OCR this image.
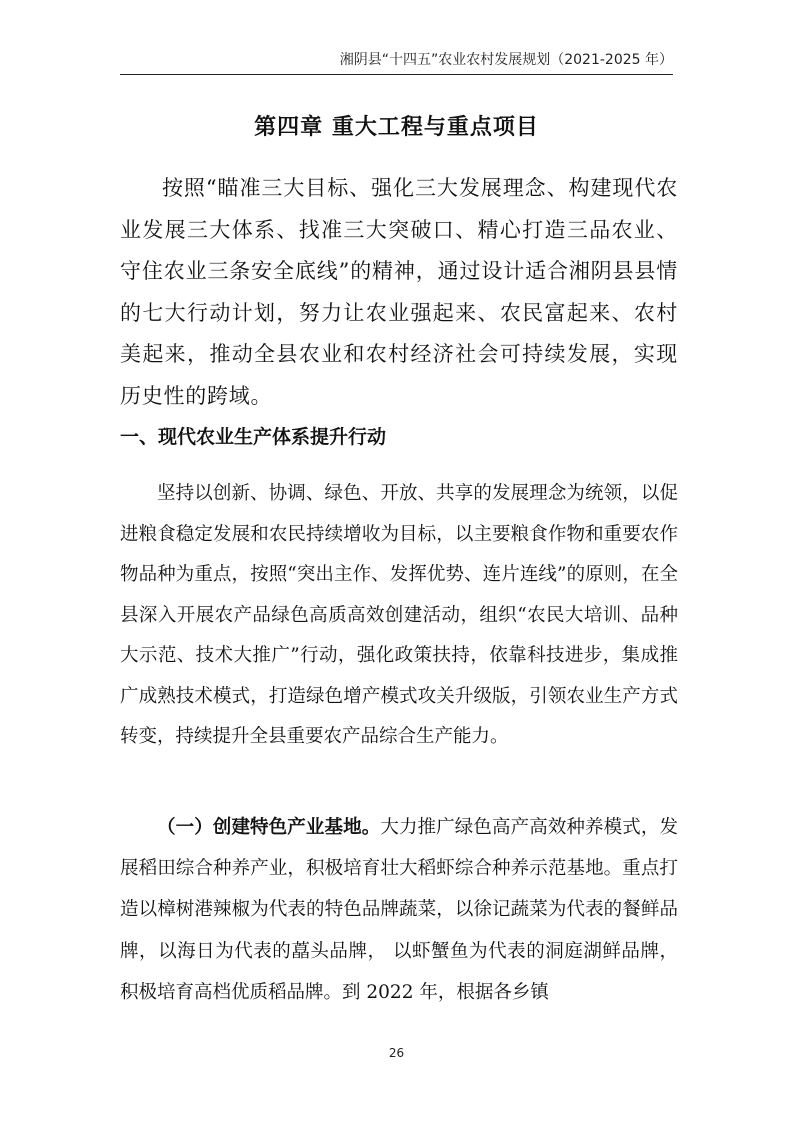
湘阴县“十四五”农业农村发展规划（2021-2025 年）
第四章 重大工程与重点项目

按照“瞄准三大目标、强化三大发展理念、构建现代农业发展三大体系、找准三大突破口、精心打造三品农业、守住农业三条安全底线”的精神，通过设计适合湘阴县县情的七大行动计划，努力让农业强起来、农民富起来、农村美起来，推动全县农业和农村经济社会可持续发展，实现历史性的跨域。

一、现代农业生产体系提升行动

坚持以创新、协调、绿色、开放、共享的发展理念为统领，以促进粮食稳定发展和农民持续增收为目标，以主要粮食作物和重要农作物品种为重点，按照“突出主作、发挥优势、连片连线”的原则，在全县深入开展农产品绿色高质高效创建活动，组织“农民大培训、品种大示范、技术大推广”行动，强化政策扶持，依靠科技进步，集成推广成熟技术模式，打造绿色增产模式攻关升级版，引领农业生产方式转变，持续提升全县重要农产品综合生产能力。

（一）创建特色产业基地。大力推广绿色高产高效种养模式，发展稻田综合种养产业，积极培育壮大稻虾综合种养示范基地。重点打造以樟树港辣椒为代表的特色品牌蔬菜，以徐记蔬菜为代表的餐鲜品牌，以海日为代表的藠头品牌， 以虾蟹鱼为代表的洞庭湖鲜品牌，积极培育高档优质稻品牌。到 2022 年，根据各乡镇

26
